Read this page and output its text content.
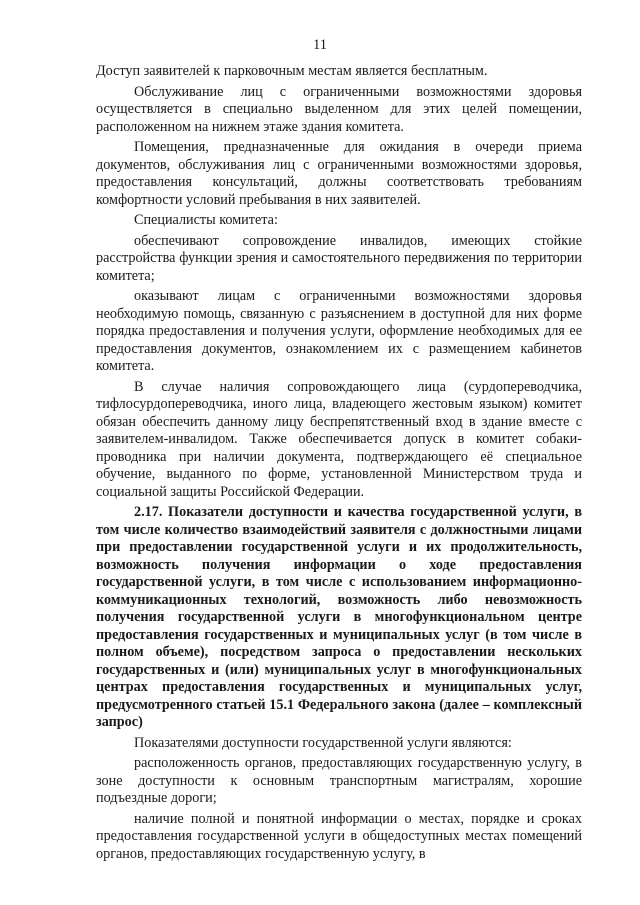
11

Доступ заявителей к парковочным местам является бесплатным.

Обслуживание лиц с ограниченными возможностями здоровья осуществляется в специально выделенном для этих целей помещении, расположенном на нижнем этаже здания комитета.

Помещения, предназначенные для ожидания в очереди приема документов, обслуживания лиц с ограниченными возможностями здоровья, предоставления консультаций, должны соответствовать требованиям комфортности условий пребывания в них заявителей.

Специалисты комитета:

обеспечивают сопровождение инвалидов, имеющих стойкие расстройства функции зрения и самостоятельного передвижения по территории комитета;

оказывают лицам с ограниченными возможностями здоровья необходимую помощь, связанную с разъяснением в доступной для них форме порядка предоставления и получения услуги, оформление необходимых для ее предоставления документов, ознакомлением их с размещением кабинетов комитета.

В случае наличия сопровождающего лица (сурдопереводчика, тифлосурдопереводчика, иного лица, владеющего жестовым языком) комитет обязан обеспечить данному лицу беспрепятственный вход в здание вместе с заявителем-инвалидом. Также обеспечивается допуск в комитет собаки-проводника при наличии документа, подтверждающего её специальное обучение, выданного по форме, установленной Министерством труда и социальной защиты Российской Федерации.

2.17. Показатели доступности и качества государственной услуги, в том числе количество взаимодействий заявителя с должностными лицами при предоставлении государственной услуги и их продолжительность, возможность получения информации о ходе предоставления государственной услуги, в том числе с использованием информационно-коммуникационных технологий, возможность либо невозможность получения государственной услуги в многофункциональном центре предоставления государственных и муниципальных услуг (в том числе в полном объеме), посредством запроса о предоставлении нескольких государственных и (или) муниципальных услуг в многофункциональных центрах предоставления государственных и муниципальных услуг, предусмотренного статьей 15.1 Федерального закона (далее – комплексный запрос)

Показателями доступности государственной услуги являются:

расположенность органов, предоставляющих государственную услугу, в зоне доступности к основным транспортным магистралям, хорошие подъездные дороги;

наличие полной и понятной информации о местах, порядке и сроках предоставления государственной услуги в общедоступных местах помещений органов, предоставляющих государственную услугу, в
